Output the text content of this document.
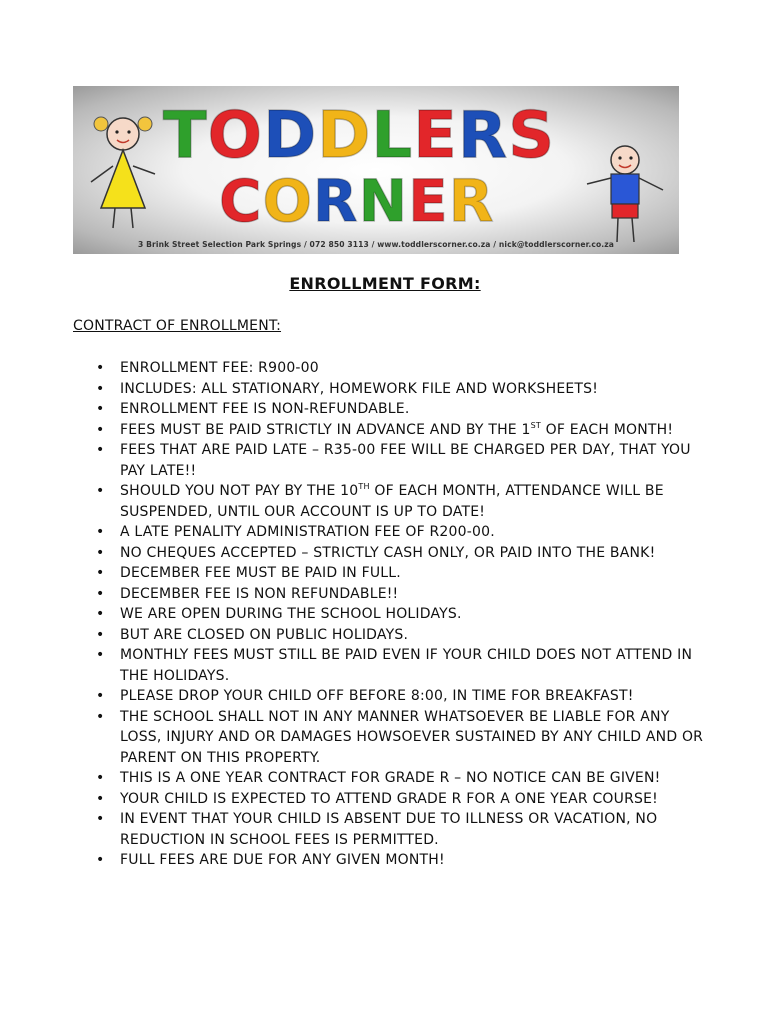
TODDLERS
CORNER
3 Brink Street Selection Park Springs / 072 850 3113 / www.toddlerscorner.co.za / nick@toddlerscorner.co.za
ENROLLMENT FORM:
CONTRACT OF ENROLLMENT:
• ENROLLMENT FEE: R900-00
• INCLUDES: ALL STATIONARY, HOMEWORK FILE AND WORKSHEETS!
• ENROLLMENT FEE IS NON-REFUNDABLE.
• FEES MUST BE PAID STRICTLY IN ADVANCE AND BY THE 1ST OF EACH MONTH!
• FEES THAT ARE PAID LATE – R35-00 FEE WILL BE CHARGED PER DAY, THAT YOU PAY LATE!!
• SHOULD YOU NOT PAY BY THE 10TH OF EACH MONTH, ATTENDANCE WILL BE SUSPENDED, UNTIL OUR ACCOUNT IS UP TO DATE!
• A LATE PENALITY ADMINISTRATION FEE OF R200-00.
• NO CHEQUES ACCEPTED – STRICTLY CASH ONLY, OR PAID INTO THE BANK!
• DECEMBER FEE MUST BE PAID IN FULL.
• DECEMBER FEE IS NON REFUNDABLE!!
• WE ARE OPEN DURING THE SCHOOL HOLIDAYS.
• BUT ARE CLOSED ON PUBLIC HOLIDAYS.
• MONTHLY FEES MUST STILL BE PAID EVEN IF YOUR CHILD DOES NOT ATTEND IN THE HOLIDAYS.
• PLEASE DROP YOUR CHILD OFF BEFORE 8:00, IN TIME FOR BREAKFAST!
• THE SCHOOL SHALL NOT IN ANY MANNER WHATSOEVER BE LIABLE FOR ANY LOSS, INJURY AND OR DAMAGES HOWSOEVER SUSTAINED BY ANY CHILD AND OR PARENT ON THIS PROPERTY.
• THIS IS A ONE YEAR CONTRACT FOR GRADE R – NO NOTICE CAN BE GIVEN!
• YOUR CHILD IS EXPECTED TO ATTEND GRADE R FOR A ONE YEAR COURSE!
• IN EVENT THAT YOUR CHILD IS ABSENT DUE TO ILLNESS OR VACATION, NO REDUCTION IN SCHOOL FEES IS PERMITTED.
• FULL FEES ARE DUE FOR ANY GIVEN MONTH!
